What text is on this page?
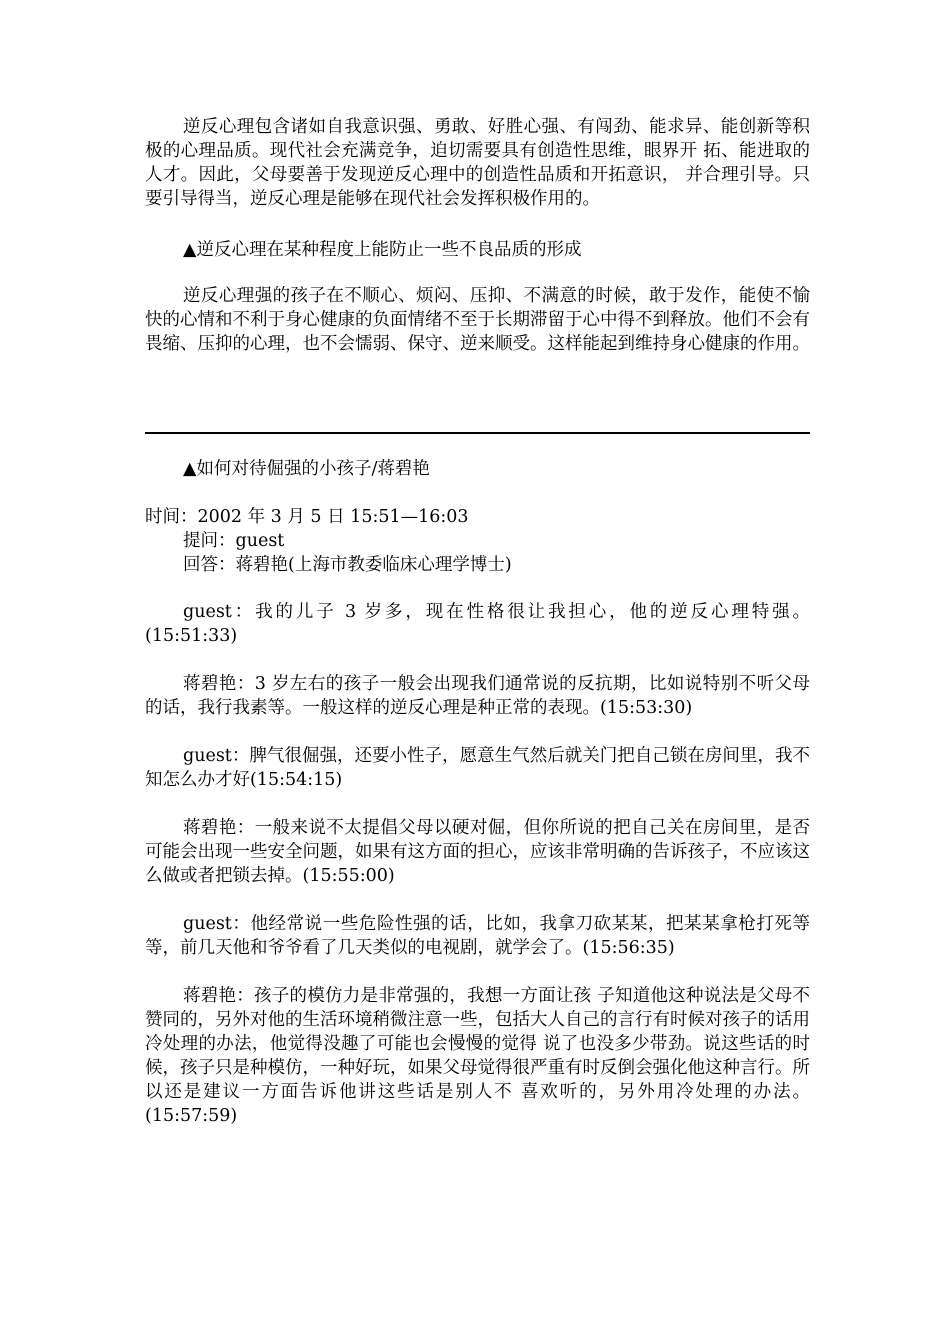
逆反心理包含诸如自我意识强、勇敢、好胜心强、有闯劲、能求异、能创新等积极的心理品质。现代社会充满竞争，迫切需要具有创造性思维，眼界开 拓、能进取的人才。因此，父母要善于发现逆反心理中的创造性品质和开拓意识， 并合理引导。只要引导得当，逆反心理是能够在现代社会发挥积极作用的。

▲逆反心理在某种程度上能防止一些不良品质的形成

逆反心理强的孩子在不顺心、烦闷、压抑、不满意的时候，敢于发作，能使不愉快的心情和不利于身心健康的负面情绪不至于长期滞留于心中得不到释放。他们不会有畏缩、压抑的心理，也不会懦弱、保守、逆来顺受。这样能起到维持身心健康的作用。

▲如何对待倔强的小孩子/蒋碧艳

时间：2002 年 3 月 5 日 15:51—16:03

提问：guest

回答：蒋碧艳(上海市教委临床心理学博士)

guest：我的儿子 3 岁多，现在性格很让我担心，他的逆反心理特强。(15:51:33)

蒋碧艳：3 岁左右的孩子一般会出现我们通常说的反抗期，比如说特别不听父母的话，我行我素等。一般这样的逆反心理是种正常的表现。(15:53:30)

guest：脾气很倔强，还要小性子，愿意生气然后就关门把自己锁在房间里，我不知怎么办才好(15:54:15)

蒋碧艳：一般来说不太提倡父母以硬对倔，但你所说的把自己关在房间里，是否可能会出现一些安全问题，如果有这方面的担心，应该非常明确的告诉孩子，不应该这么做或者把锁去掉。(15:55:00)

guest：他经常说一些危险性强的话，比如，我拿刀砍某某，把某某拿枪打死等等，前几天他和爷爷看了几天类似的电视剧，就学会了。(15:56:35)

蒋碧艳：孩子的模仿力是非常强的，我想一方面让孩 子知道他这种说法是父母不赞同的，另外对他的生活环境稍微注意一些，包括大人自己的言行有时候对孩子的话用冷处理的办法，他觉得没趣了可能也会慢慢的觉得 说了也没多少带劲。说这些话的时候，孩子只是种模仿，一种好玩，如果父母觉得很严重有时反倒会强化他这种言行。所以还是建议一方面告诉他讲这些话是别人不 喜欢听的，另外用冷处理的办法。(15:57:59)
